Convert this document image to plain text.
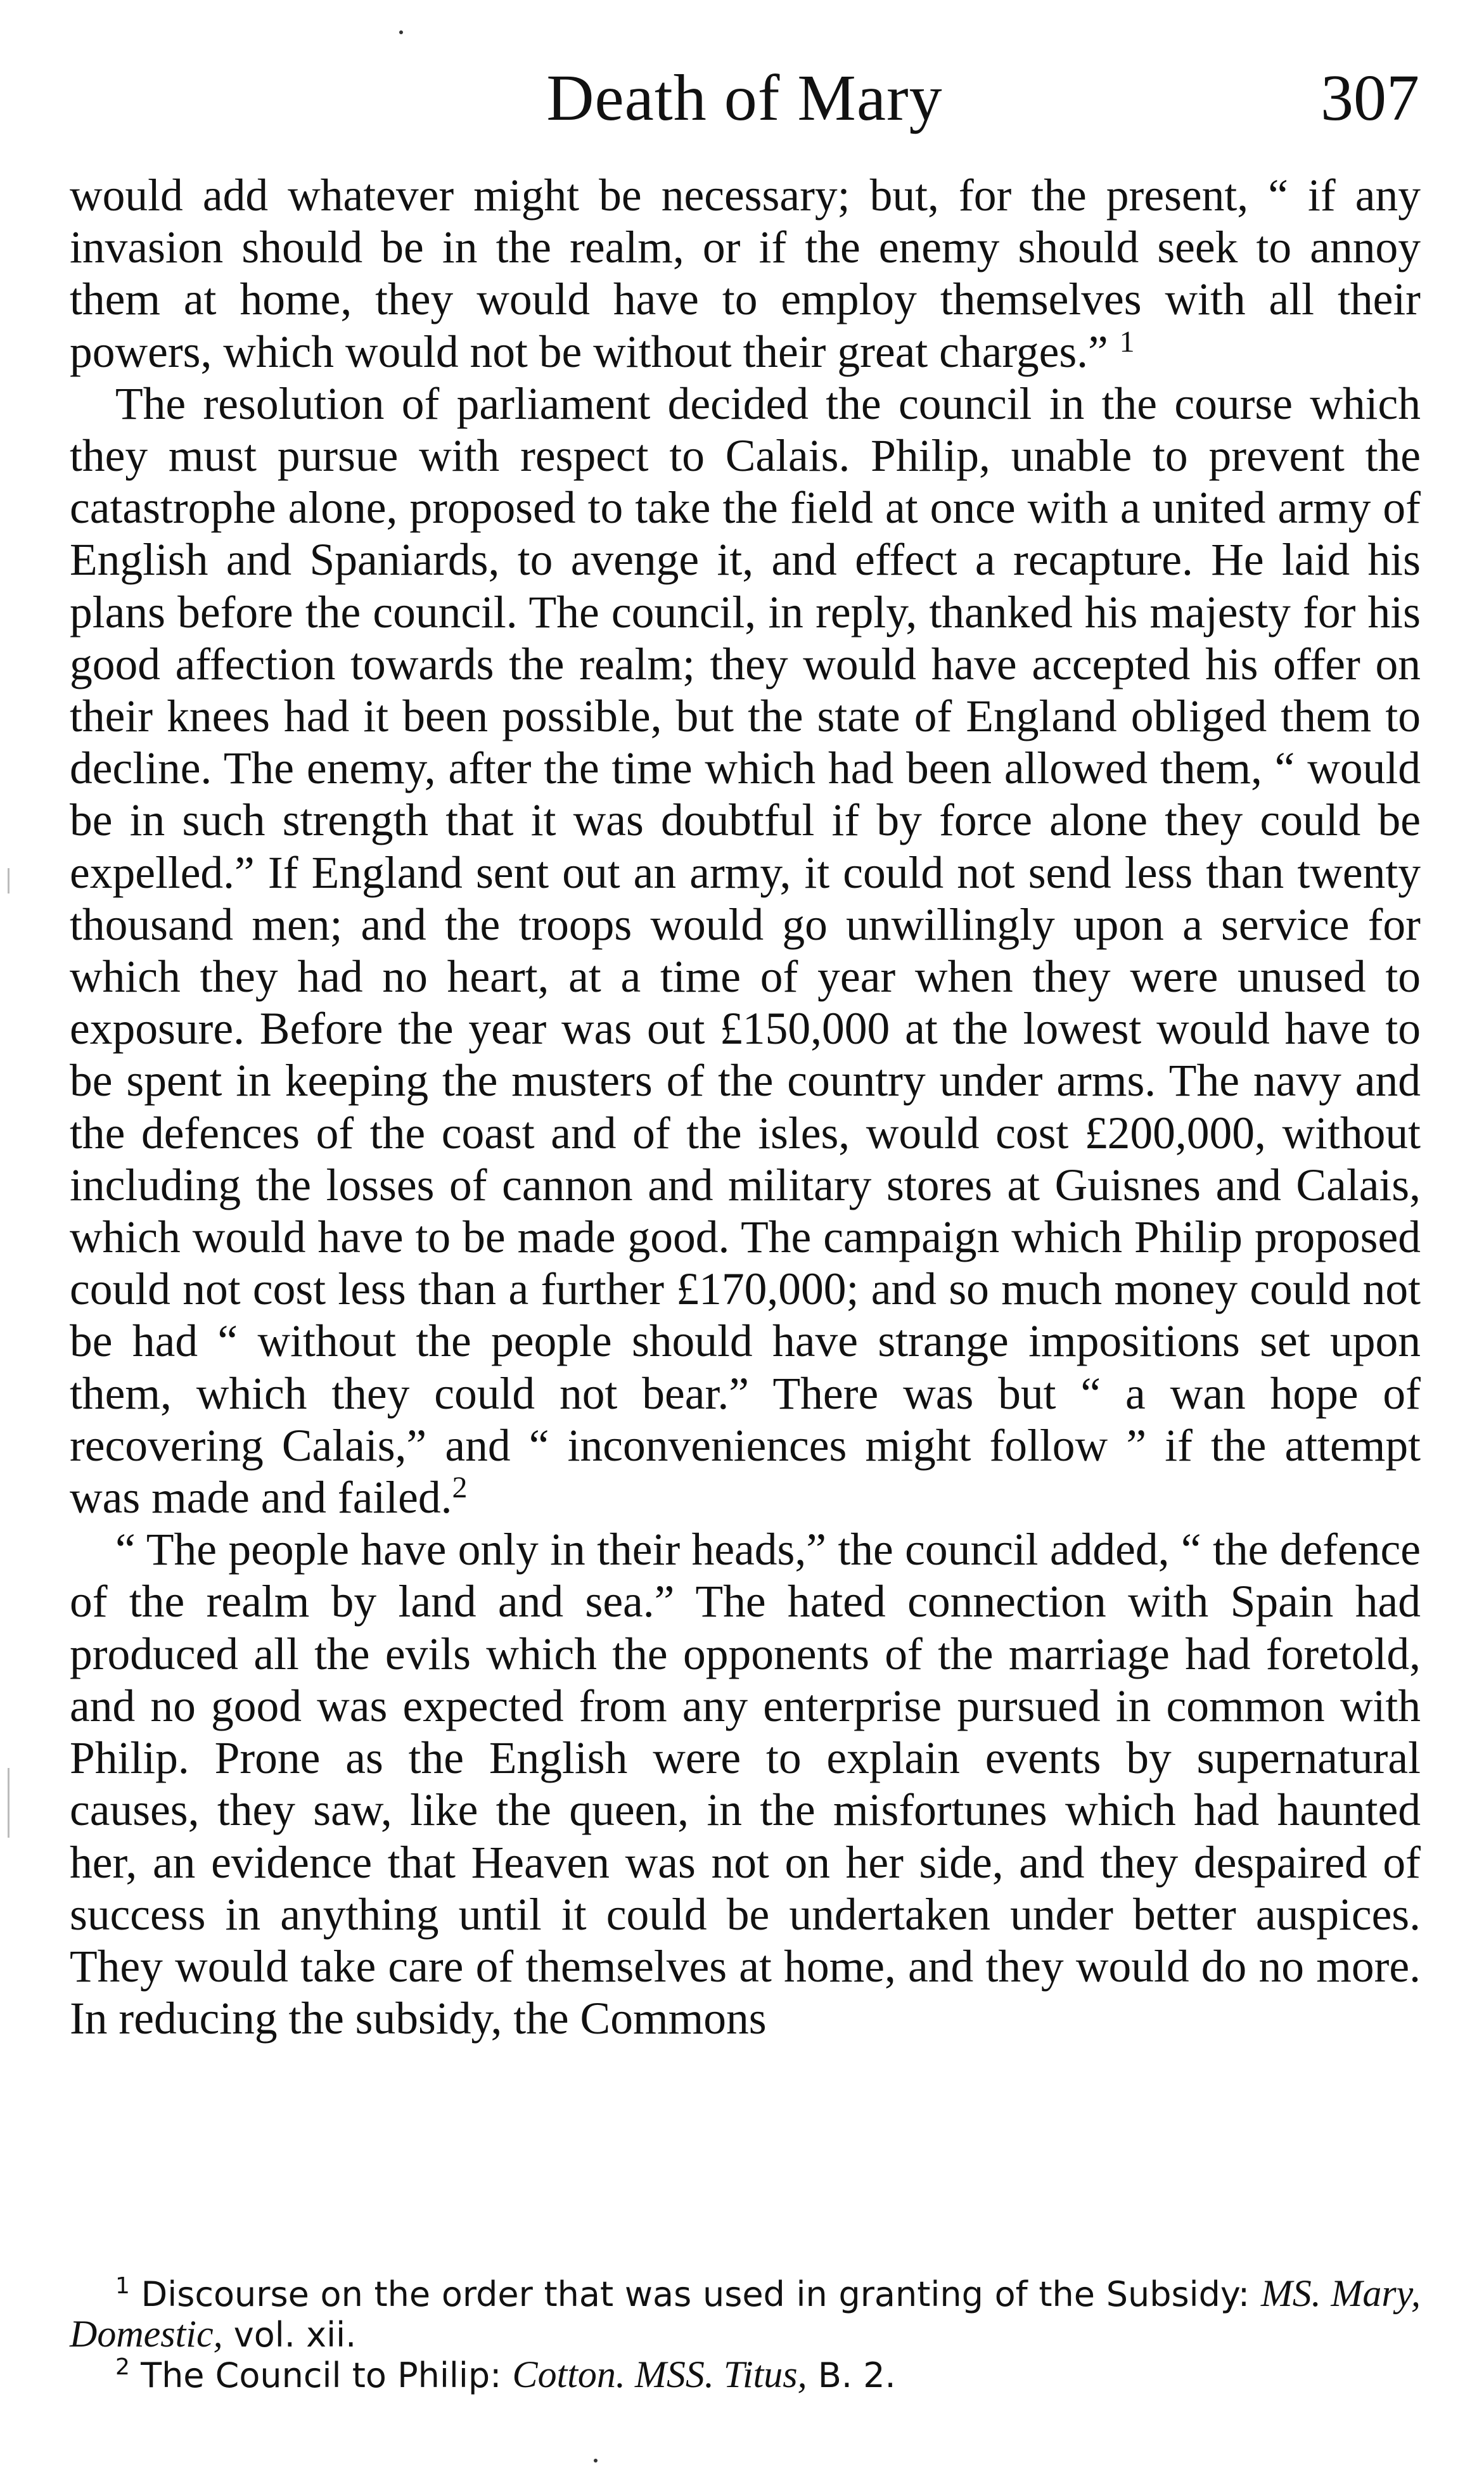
Death of Mary	307

would add whatever might be necessary; but, for the present, “ if any invasion should be in the realm, or if the enemy should seek to annoy them at home, they would have to employ themselves with all their powers, which would not be without their great charges.” $^1$

The resolution of parliament decided the council in the course which they must pursue with respect to Calais. Philip, unable to prevent the catastrophe alone, proposed to take the field at once with a united army of English and Spaniards, to avenge it, and effect a recapture. He laid his plans before the council. The council, in reply, thanked his majesty for his good affection towards the realm; they would have accepted his offer on their knees had it been possible, but the state of England obliged them to decline. The enemy, after the time which had been allowed them, “ would be in such strength that it was doubtful if by force alone they could be expelled.” If England sent out an army, it could not send less than twenty thousand men; and the troops would go unwillingly upon a service for which they had no heart, at a time of year when they were unused to exposure. Before the year was out £150,000 at the lowest would have to be spent in keeping the musters of the country under arms. The navy and the defences of the coast and of the isles, would cost £200,000, without including the losses of cannon and military stores at Guisnes and Calais, which would have to be made good. The campaign which Philip proposed could not cost less than a further £170,000; and so much money could not be had “ without the people should have strange impositions set upon them, which they could not bear.” There was but “ a wan hope of recovering Calais,” and “ inconveniences might follow ” if the attempt was made and failed.$^2$

“ The people have only in their heads,” the council added, “ the defence of the realm by land and sea.” The hated connection with Spain had produced all the evils which the opponents of the marriage had foretold, and no good was expected from any enterprise pursued in common with Philip. Prone as the English were to explain events by supernatural causes, they saw, like the queen, in the misfortunes which had haunted her, an evidence that Heaven was not on her side, and they despaired of success in anything until it could be undertaken under better auspices. They would take care of themselves at home, and they would do no more. In reducing the subsidy, the Commons

$^1$ Discourse on the order that was used in granting of the Subsidy: MS. Mary, Domestic, vol. xii.

$^2$ The Council to Philip: Cotton. MSS. Titus, B. 2.
